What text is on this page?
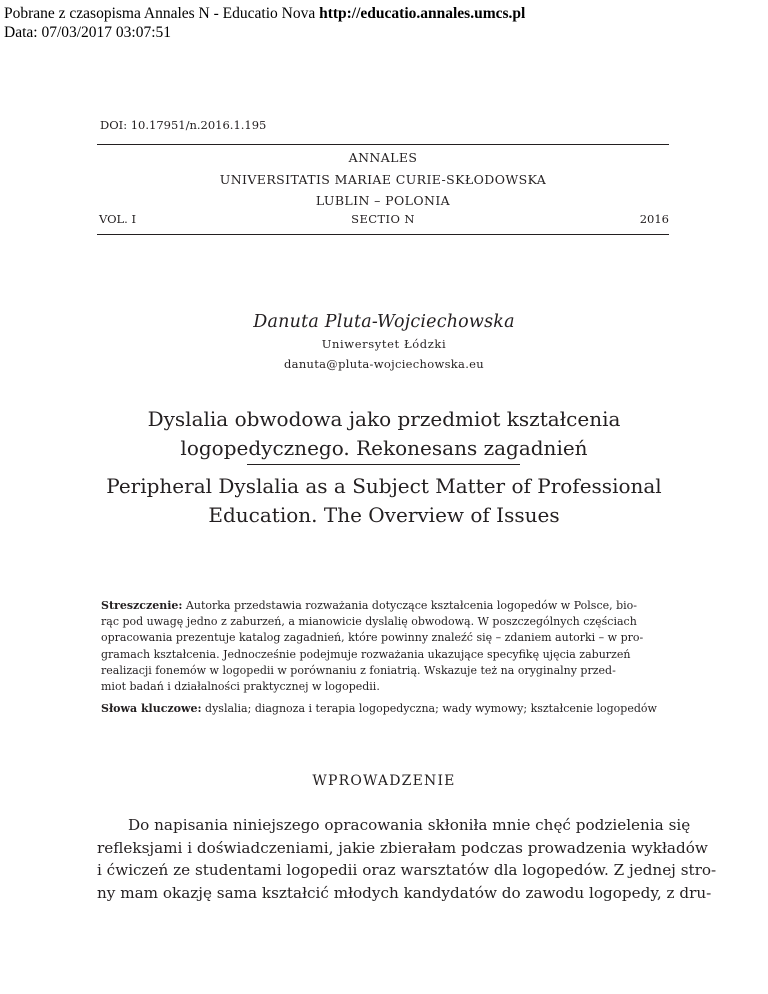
Pobrane z czasopisma Annales N - Educatio Nova http://educatio.annales.umcs.pl
Data: 07/03/2017 03:07:51
DOI: 10.17951/n.2016.1.195
ANNALES
UNIVERSITATIS MARIAE CURIE-SKŁODOWSKA
LUBLIN – POLONIA
VOL. I	SECTIO N	2016
Danuta Pluta-Wojciechowska
Uniwersytet Łódzki
danuta@pluta-wojciechowska.eu
Dyslalia obwodowa jako przedmiot kształcenia
logopedycznego. Rekonesans zagadnień
Peripheral Dyslalia as a Subject Matter of Professional
Education. The Overview of Issues
Streszczenie: Autorka przedstawia rozważania dotyczące kształcenia logopedów w Polsce, bio-
rąc pod uwagę jedno z zaburzeń, a mianowicie dyslalię obwodową. W poszczególnych częściach
opracowania prezentuje katalog zagadnień, które powinny znaleźć się – zdaniem autorki – w pro-
gramach kształcenia. Jednocześnie podejmuje rozważania ukazujące specyfikę ujęcia zaburzeń
realizacji fonemów w logopedii w porównaniu z foniatrią. Wskazuje też na oryginalny przed-
miot badań i działalności praktycznej w logopedii.
Słowa kluczowe: dyslalia; diagnoza i terapia logopedyczna; wady wymowy; kształcenie logopedów
WPROWADZENIE
Do napisania niniejszego opracowania skłoniła mnie chęć podzielenia się
refleksjami i doświadczeniami, jakie zbierałam podczas prowadzenia wykładów
i ćwiczeń ze studentami logopedii oraz warsztatów dla logopedów. Z jednej stro-
ny mam okazję sama kształcić młodych kandydatów do zawodu logopedy, z dru-
